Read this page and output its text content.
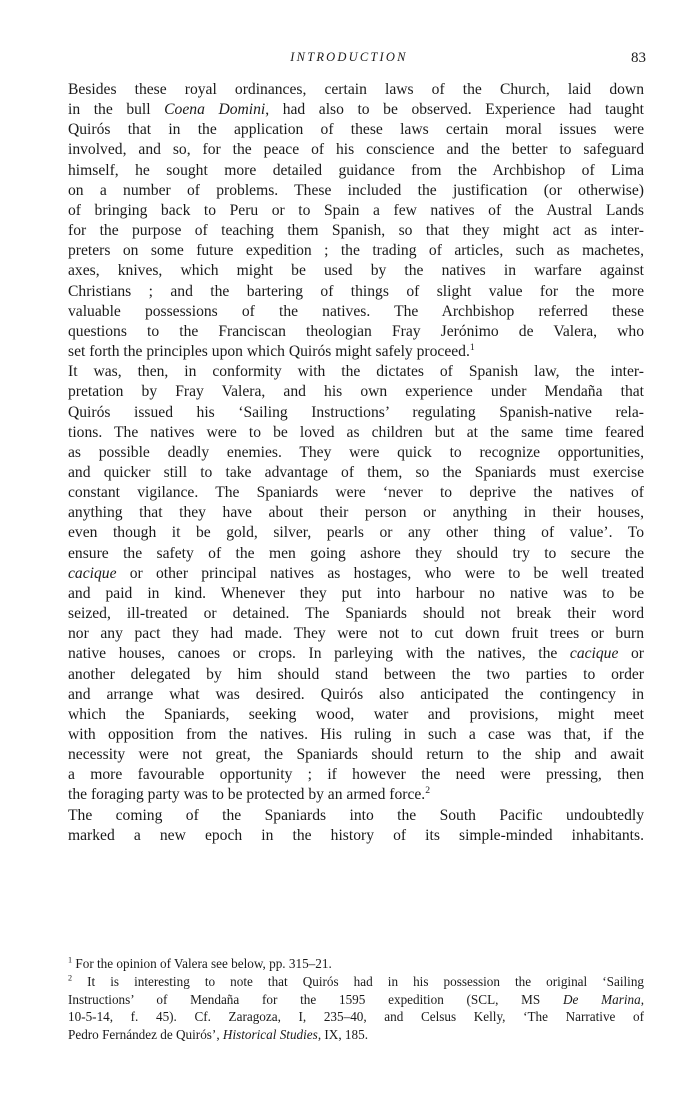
INTRODUCTION	83

Besides these royal ordinances, certain laws of the Church, laid down
in the bull Coena Domini, had also to be observed. Experience had taught
Quirós that in the application of these laws certain moral issues were
involved, and so, for the peace of his conscience and the better to safeguard
himself, he sought more detailed guidance from the Archbishop of Lima
on a number of problems. These included the justification (or otherwise)
of bringing back to Peru or to Spain a few natives of the Austral Lands
for the purpose of teaching them Spanish, so that they might act as inter-
preters on some future expedition ; the trading of articles, such as machetes,
axes, knives, which might be used by the natives in warfare against
Christians ; and the bartering of things of slight value for the more
valuable possessions of the natives. The Archbishop referred these
questions to the Franciscan theologian Fray Jerónimo de Valera, who
set forth the principles upon which Quirós might safely proceed.$^1$

It was, then, in conformity with the dictates of Spanish law, the inter-
pretation by Fray Valera, and his own experience under Mendaña that
Quirós issued his ‘Sailing Instructions’ regulating Spanish-native rela-
tions. The natives were to be loved as children but at the same time feared
as possible deadly enemies. They were quick to recognize opportunities,
and quicker still to take advantage of them, so the Spaniards must exercise
constant vigilance. The Spaniards were ‘never to deprive the natives of
anything that they have about their person or anything in their houses,
even though it be gold, silver, pearls or any other thing of value’. To
ensure the safety of the men going ashore they should try to secure the
cacique or other principal natives as hostages, who were to be well treated
and paid in kind. Whenever they put into harbour no native was to be
seized, ill-treated or detained. The Spaniards should not break their word
nor any pact they had made. They were not to cut down fruit trees or burn
native houses, canoes or crops. In parleying with the natives, the cacique or
another delegated by him should stand between the two parties to order
and arrange what was desired. Quirós also anticipated the contingency in
which the Spaniards, seeking wood, water and provisions, might meet
with opposition from the natives. His ruling in such a case was that, if the
necessity were not great, the Spaniards should return to the ship and await
a more favourable opportunity ; if however the need were pressing, then
the foraging party was to be protected by an armed force.$^2$

The coming of the Spaniards into the South Pacific undoubtedly
marked a new epoch in the history of its simple-minded inhabitants.

$^1$ For the opinion of Valera see below, pp. 315–21.

$^2$ It is interesting to note that Quirós had in his possession the original ‘Sailing
Instructions’ of Mendaña for the 1595 expedition (SCL, MS De Marina,
10-5-14, f. 45). Cf. Zaragoza, I, 235–40, and Celsus Kelly, ‘The Narrative of
Pedro Fernández de Quirós’, Historical Studies, IX, 185.
